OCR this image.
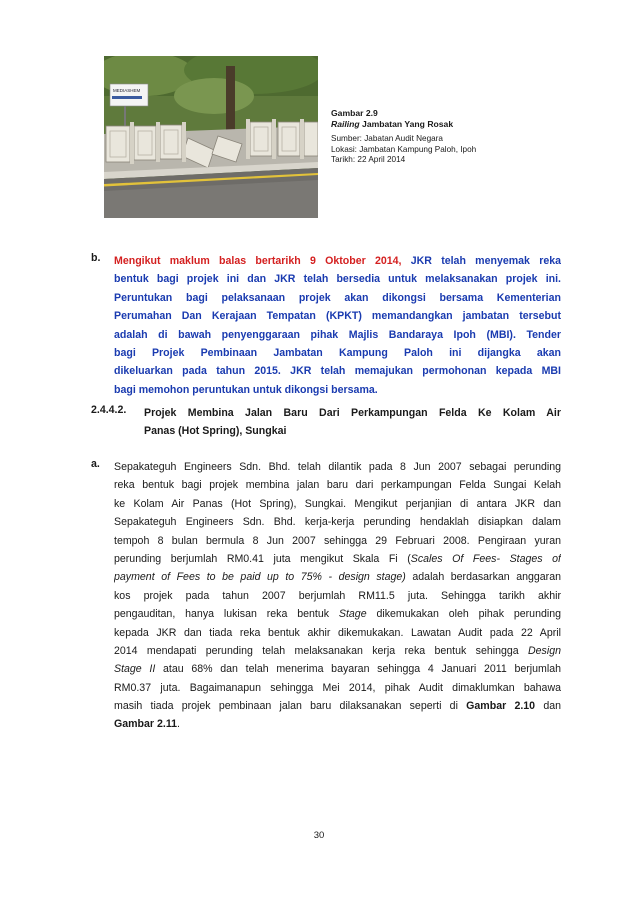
MEDIASHEM
Gambar 2.9
Railing Jambatan Yang Rosak
Sumber: Jabatan Audit Negara
Lokasi: Jambatan Kampung Paloh, Ipoh
Tarikh: 22 April 2014
b. Mengikut maklum balas bertarikh 9 Oktober 2014, JKR telah menyemak reka
bentuk bagi projek ini dan JKR telah bersedia untuk melaksanakan projek ini.
Peruntukan bagi pelaksanaan projek akan dikongsi bersama Kementerian
Perumahan Dan Kerajaan Tempatan (KPKT) memandangkan jambatan tersebut
adalah di bawah penyenggaraan pihak Majlis Bandaraya Ipoh (MBI). Tender
bagi Projek Pembinaan Jambatan Kampung Paloh ini dijangka akan
dikeluarkan pada tahun 2015. JKR telah memajukan permohonan kepada MBI
bagi memohon peruntukan untuk dikongsi bersama.
2.4.4.2. Projek Membina Jalan Baru Dari Perkampungan Felda Ke Kolam Air
Panas (Hot Spring), Sungkai
a. Sepakateguh Engineers Sdn. Bhd. telah dilantik pada 8 Jun 2007 sebagai perunding
reka bentuk bagi projek membina jalan baru dari perkampungan Felda Sungai Kelah
ke Kolam Air Panas (Hot Spring), Sungkai. Mengikut perjanjian di antara JKR dan
Sepakateguh Engineers Sdn. Bhd. kerja-kerja perunding hendaklah disiapkan dalam
tempoh 8 bulan bermula 8 Jun 2007 sehingga 29 Februari 2008. Pengiraan yuran
perunding berjumlah RM0.41 juta mengikut Skala Fi (Scales Of Fees- Stages of
payment of Fees to be paid up to 75% - design stage) adalah berdasarkan anggaran
kos projek pada tahun 2007 berjumlah RM11.5 juta. Sehingga tarikh akhir
pengauditan, hanya lukisan reka bentuk Stage dikemukakan oleh pihak perunding
kepada JKR dan tiada reka bentuk akhir dikemukakan. Lawatan Audit pada 22 April
2014 mendapati perunding telah melaksanakan kerja reka bentuk sehingga Design
Stage II atau 68% dan telah menerima bayaran sehingga 4 Januari 2011 berjumlah
RM0.37 juta. Bagaimanapun sehingga Mei 2014, pihak Audit dimaklumkan bahawa
masih tiada projek pembinaan jalan baru dilaksanakan seperti di Gambar 2.10 dan
Gambar 2.11.
30
